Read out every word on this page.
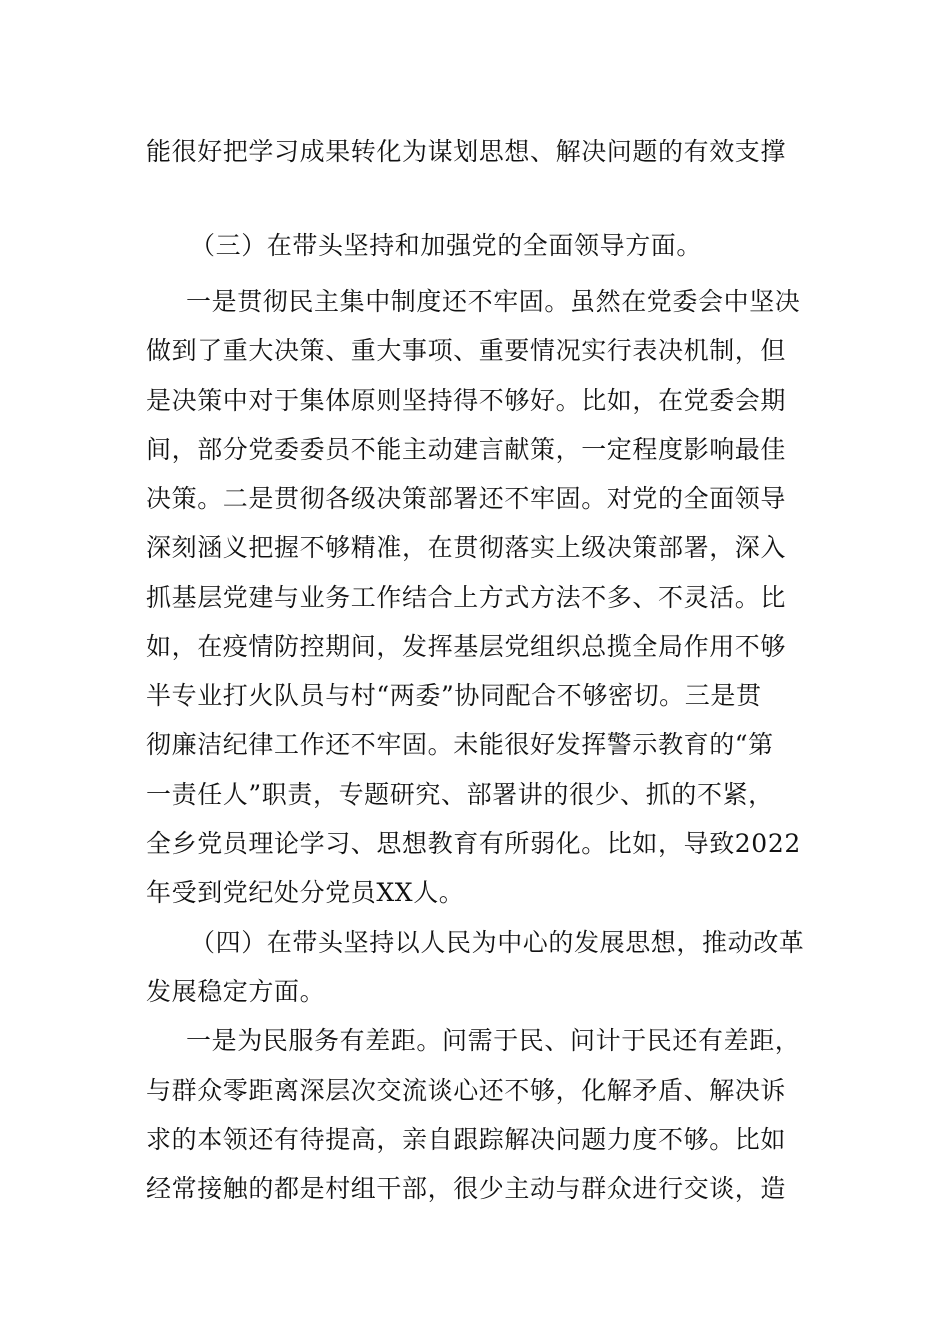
能很好把学习成果转化为谋划思想、解决问题的有效支撑
（三）在带头坚持和加强党的全面领导方面。
一是贯彻民主集中制度还不牢固。虽然在党委会中坚决
做到了重大决策、重大事项、重要情况实行表决机制，但
是决策中对于集体原则坚持得不够好。比如，在党委会期
间，部分党委委员不能主动建言献策，一定程度影响最佳
决策。二是贯彻各级决策部署还不牢固。对党的全面领导
深刻涵义把握不够精准，在贯彻落实上级决策部署，深入
抓基层党建与业务工作结合上方式方法不多、不灵活。比
如，在疫情防控期间，发挥基层党组织总揽全局作用不够
半专业打火队员与村“两委”协同配合不够密切。三是贯
彻廉洁纪律工作还不牢固。未能很好发挥警示教育的“第
一责任人”职责，专题研究、部署讲的很少、抓的不紧，
全乡党员理论学习、思想教育有所弱化。比如，导致2022
年受到党纪处分党员XX人。
（四）在带头坚持以人民为中心的发展思想，推动改革
发展稳定方面。
一是为民服务有差距。问需于民、问计于民还有差距，
与群众零距离深层次交流谈心还不够，化解矛盾、解决诉
求的本领还有待提高，亲自跟踪解决问题力度不够。比如
经常接触的都是村组干部，很少主动与群众进行交谈，造
